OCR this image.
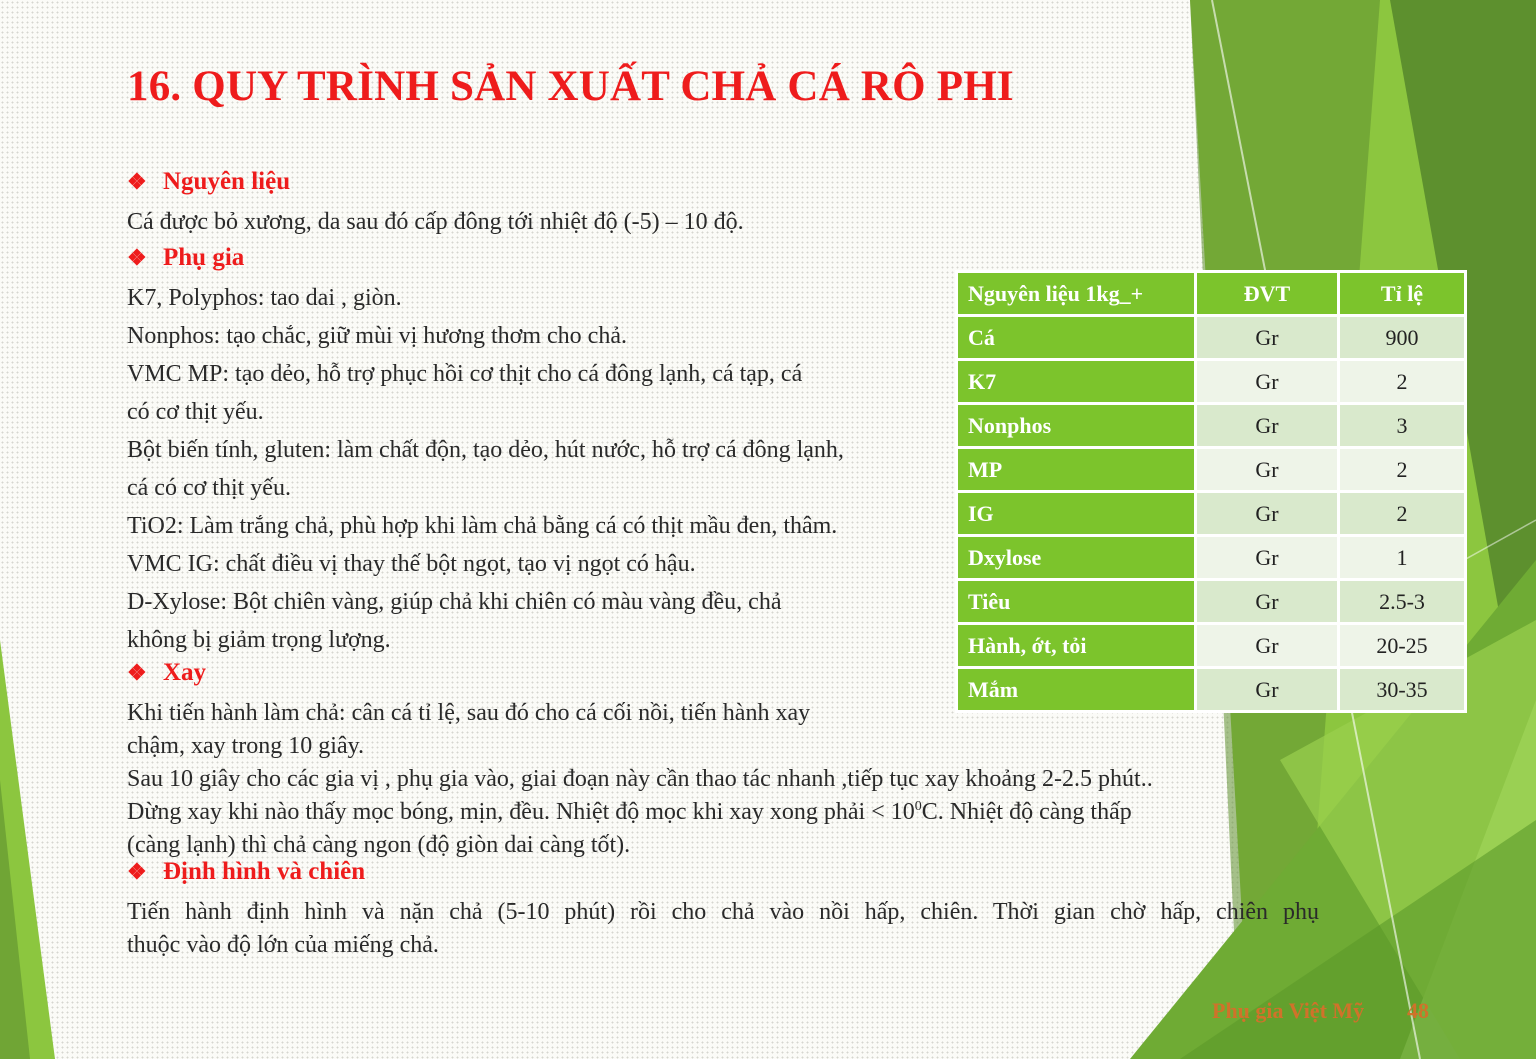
16. QUY TRÌNH SẢN XUẤT CHẢ CÁ RÔ PHI

❖ Nguyên liệu

Cá được bỏ xương, da sau đó cấp đông tới nhiệt độ (-5) – 10 độ.

❖ Phụ gia

K7, Polyphos: tao dai , giòn.
Nonphos: tạo chắc, giữ mùi vị hương thơm cho chả.
VMC MP: tạo dẻo, hỗ trợ phục hồi cơ thịt cho cá đông lạnh, cá tạp, cá
có cơ thịt yếu.
Bột biến tính, gluten: làm chất độn, tạo dẻo, hút nước, hỗ trợ cá đông lạnh,
cá có cơ thịt yếu.
TiO2: Làm trắng chả, phù hợp khi làm chả bằng cá có thịt mầu đen, thâm.
VMC IG: chất điều vị thay thế bột ngọt, tạo vị ngọt có hậu.
D-Xylose: Bột chiên vàng, giúp chả khi chiên có màu vàng đều, chả
không bị giảm trọng lượng.

❖ Xay

Khi tiến hành làm chả: cân cá tỉ lệ, sau đó cho cá cối nồi, tiến hành xay
chậm, xay trong 10 giây.
Sau 10 giây cho các gia vị , phụ gia vào, giai đoạn này cần thao tác nhanh ,tiếp tục xay khoảng 2-2.5 phút..
Dừng xay khi nào thấy mọc bóng, mịn, đều. Nhiệt độ mọc khi xay xong phải < $10^0C$. Nhiệt độ càng thấp
(càng lạnh) thì chả càng ngon (độ giòn dai càng tốt).

❖ Định hình và chiên

Tiến hành định hình và nặn chả (5-10 phút) rồi cho chả vào nồi hấp, chiên. Thời gian chờ hấp, chiên phụ
thuộc vào độ lớn của miếng chả.
Nguyên liệu 1kg_+	ĐVT	Tỉ lệ
Cá	Gr	900
K7	Gr	2
Nonphos	Gr	3
MP	Gr	2
IG	Gr	2
Dxylose	Gr	1
Tiêu	Gr	2.5-3
Hành, ớt, tỏi	Gr	20-25
Mắm	Gr	30-35

Phụ gia Việt Mỹ 48
